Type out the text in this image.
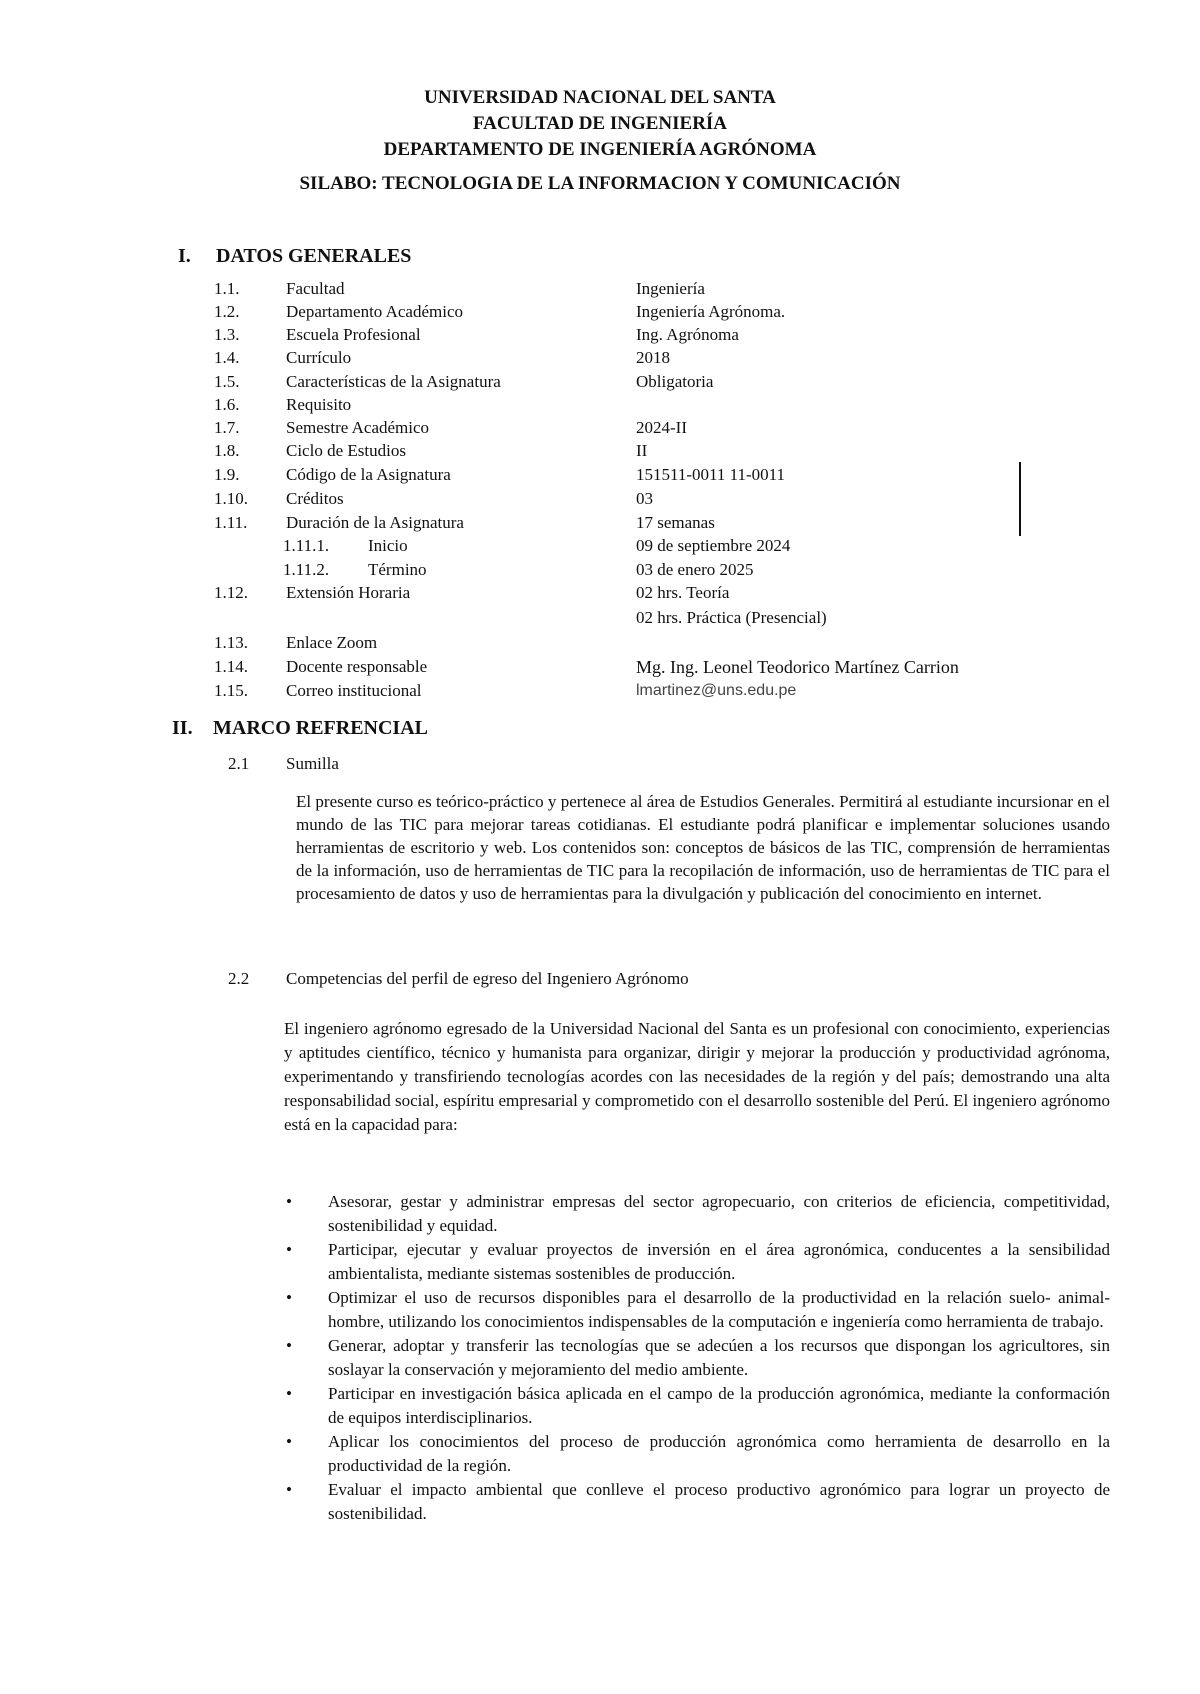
UNIVERSIDAD NACIONAL DEL SANTA
FACULTAD DE INGENIERÍA
DEPARTAMENTO DE INGENIERÍA AGRÓNOMA
SILABO: TECNOLOGIA DE LA INFORMACION Y COMUNICACIÓN
I. DATOS GENERALES
1.1.	Facultad	Ingeniería
1.2.	Departamento Académico	Ingeniería Agrónoma.
1.3.	Escuela Profesional	Ing. Agrónoma
1.4.	Currículo	2018
1.5.	Características de la Asignatura	Obligatoria
1.6.	Requisito
1.7.	Semestre Académico	2024-II
1.8.	Ciclo de Estudios	II
1.9.	Código de la Asignatura	151511-0011 11-0011
1.10. Créditos	03
1.11. Duración de la Asignatura	17 semanas
1.11.1. Inicio	09 de septiembre 2024
1.11.2. Término	03 de enero 2025
1.12. Extensión Horaria	02 hrs. Teoría
02 hrs. Práctica (Presencial)
1.13. Enlace Zoom
1.14. Docente responsable	Mg. Ing. Leonel Teodorico Martínez Carrion
1.15. Correo institucional	lmartinez@uns.edu.pe
II. MARCO REFRENCIAL
2.1 Sumilla
El presente curso es teórico-práctico y pertenece al área de Estudios Generales. Permitirá al estudiante incursionar en el mundo de las TIC para mejorar tareas cotidianas. El estudiante podrá planificar e implementar soluciones usando herramientas de escritorio y web. Los contenidos son: conceptos de básicos de las TIC, comprensión de herramientas de la información, uso de herramientas de TIC para la recopilación de información, uso de herramientas de TIC para el procesamiento de datos y uso de herramientas para la divulgación y publicación del conocimiento en internet.
2.2 Competencias del perfil de egreso del Ingeniero Agrónomo
El ingeniero agrónomo egresado de la Universidad Nacional del Santa es un profesional con conocimiento, experiencias y aptitudes científico, técnico y humanista para organizar, dirigir y mejorar la producción y productividad agrónoma, experimentando y transfiriendo tecnologías acordes con las necesidades de la región y del país; demostrando una alta responsabilidad social, espíritu empresarial y comprometido con el desarrollo sostenible del Perú. El ingeniero agrónomo está en la capacidad para:
• Asesorar, gestar y administrar empresas del sector agropecuario, con criterios de eficiencia, competitividad, sostenibilidad y equidad.
• Participar, ejecutar y evaluar proyectos de inversión en el área agronómica, conducentes a la sensibilidad ambientalista, mediante sistemas sostenibles de producción.
• Optimizar el uso de recursos disponibles para el desarrollo de la productividad en la relación suelo- animal- hombre, utilizando los conocimientos indispensables de la computación e ingeniería como herramienta de trabajo.
• Generar, adoptar y transferir las tecnologías que se adecúen a los recursos que dispongan los agricultores, sin soslayar la conservación y mejoramiento del medio ambiente.
• Participar en investigación básica aplicada en el campo de la producción agronómica, mediante la conformación de equipos interdisciplinarios.
• Aplicar los conocimientos del proceso de producción agronómica como herramienta de desarrollo en la productividad de la región.
• Evaluar el impacto ambiental que conlleve el proceso productivo agronómico para lograr un proyecto de sostenibilidad.
